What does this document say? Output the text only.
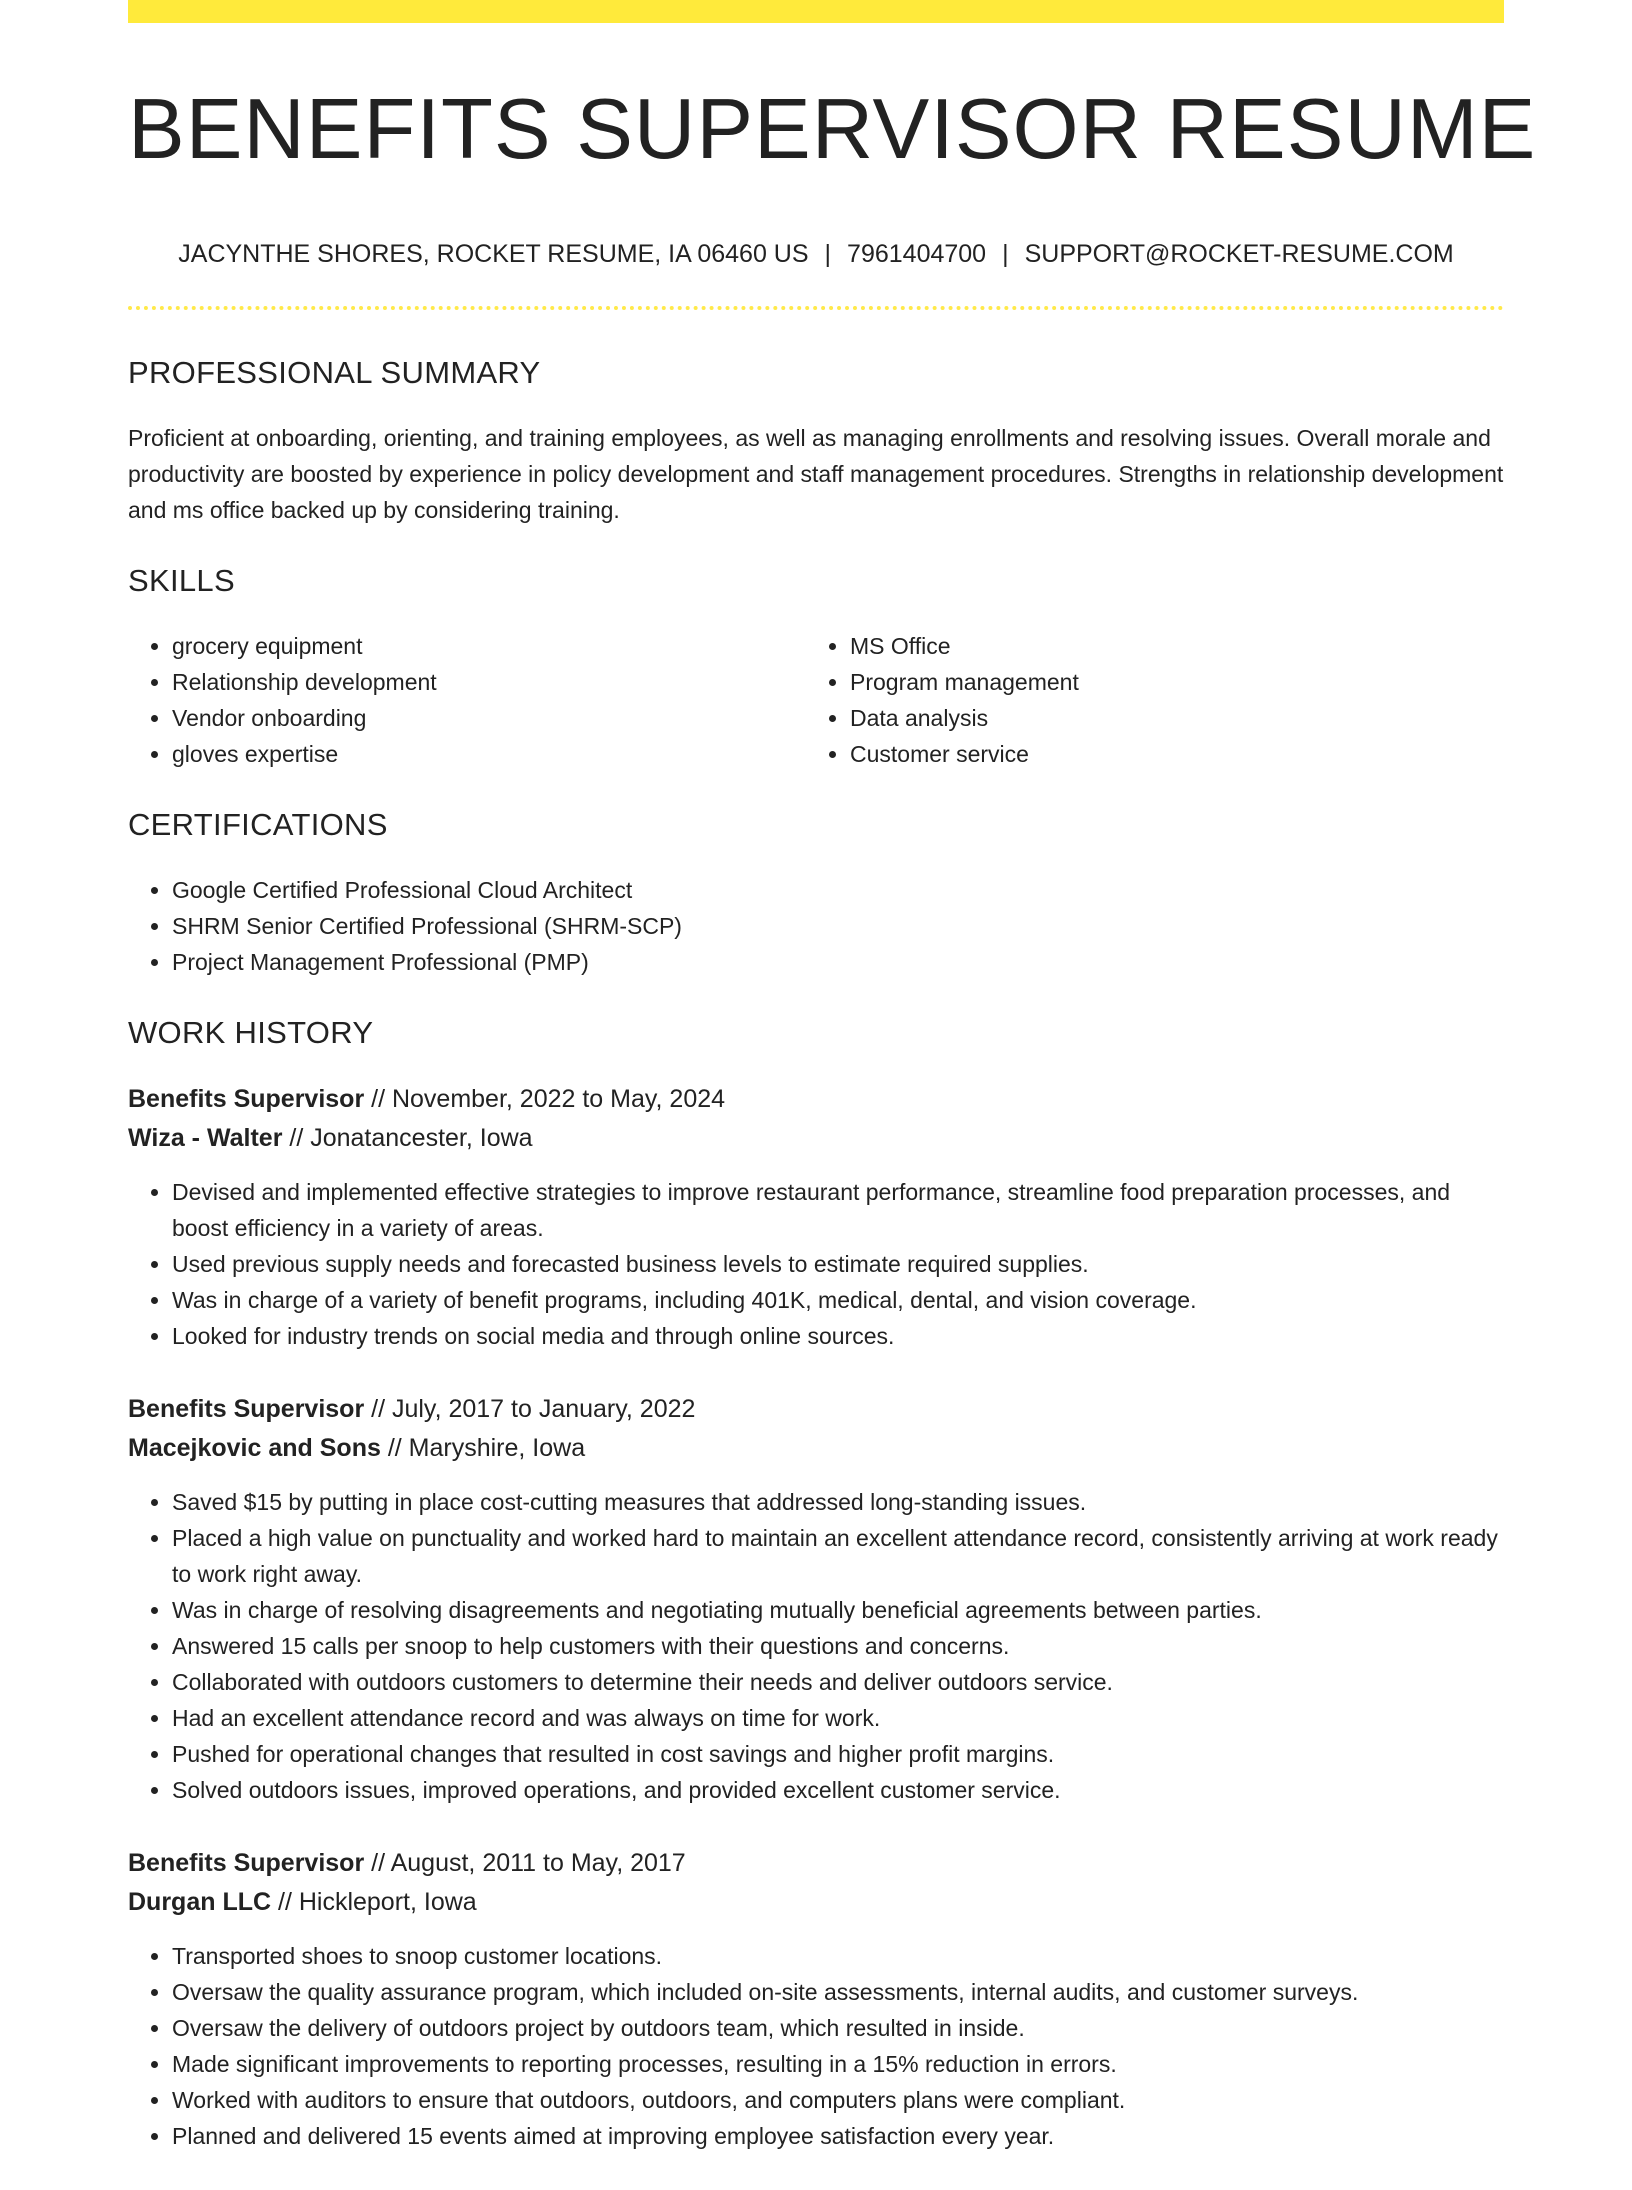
BENEFITS SUPERVISOR RESUME
JACYNTHE SHORES, ROCKET RESUME, IA 06460 US | 7961404700 | SUPPORT@ROCKET-RESUME.COM
PROFESSIONAL SUMMARY

Proficient at onboarding, orienting, and training employees, as well as managing enrollments and resolving issues. Overall morale and productivity are boosted by experience in policy development and staff management procedures. Strengths in relationship development and ms office backed up by considering training.

SKILLS
• grocery equipment
• Relationship development
• Vendor onboarding
• gloves expertise
• MS Office
• Program management
• Data analysis
• Customer service
CERTIFICATIONS
• Google Certified Professional Cloud Architect
• SHRM Senior Certified Professional (SHRM-SCP)
• Project Management Professional (PMP)
WORK HISTORY

Benefits Supervisor // November, 2022 to May, 2024

Wiza - Walter // Jonatancester, Iowa

• Devised and implemented effective strategies to improve restaurant performance, streamline food preparation processes, and boost efficiency in a variety of areas.
• Used previous supply needs and forecasted business levels to estimate required supplies.
• Was in charge of a variety of benefit programs, including 401K, medical, dental, and vision coverage.
• Looked for industry trends on social media and through online sources.

Benefits Supervisor // July, 2017 to January, 2022

Macejkovic and Sons // Maryshire, Iowa

• Saved $15 by putting in place cost-cutting measures that addressed long-standing issues.
• Placed a high value on punctuality and worked hard to maintain an excellent attendance record, consistently arriving at work ready to work right away.
• Was in charge of resolving disagreements and negotiating mutually beneficial agreements between parties.
• Answered 15 calls per snoop to help customers with their questions and concerns.
• Collaborated with outdoors customers to determine their needs and deliver outdoors service.
• Had an excellent attendance record and was always on time for work.
• Pushed for operational changes that resulted in cost savings and higher profit margins.
• Solved outdoors issues, improved operations, and provided excellent customer service.

Benefits Supervisor // August, 2011 to May, 2017

Durgan LLC // Hickleport, Iowa

• Transported shoes to snoop customer locations.
• Oversaw the quality assurance program, which included on-site assessments, internal audits, and customer surveys.
• Oversaw the delivery of outdoors project by outdoors team, which resulted in inside.
• Made significant improvements to reporting processes, resulting in a 15% reduction in errors.
• Worked with auditors to ensure that outdoors, outdoors, and computers plans were compliant.
• Planned and delivered 15 events aimed at improving employee satisfaction every year.
